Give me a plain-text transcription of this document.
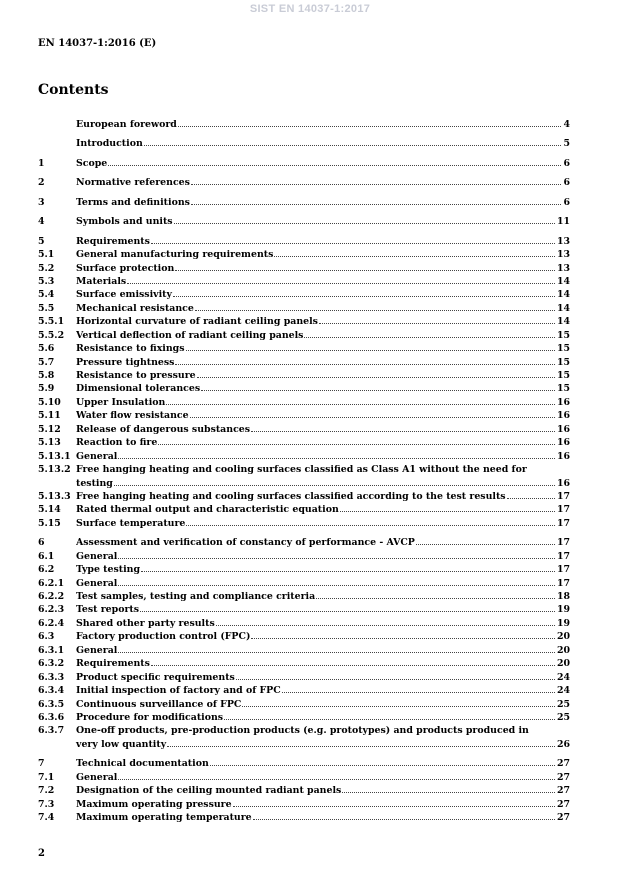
SIST EN 14037-1:2017
EN 14037-1:2016 (E)
Contents
European foreword	4
Introduction	5
1	Scope	6
2	Normative references	6
3	Terms and definitions	6
4	Symbols and units	11
5	Requirements	13
5.1	General manufacturing requirements	13
5.2	Surface protection	13
5.3	Materials	14
5.4	Surface emissivity	14
5.5	Mechanical resistance	14
5.5.1	Horizontal curvature of radiant ceiling panels	14
5.5.2	Vertical deflection of radiant ceiling panels	15
5.6	Resistance to fixings	15
5.7	Pressure tightness	15
5.8	Resistance to pressure	15
5.9	Dimensional tolerances	15
5.10	Upper Insulation	16
5.11	Water flow resistance	16
5.12	Release of dangerous substances	16
5.13	Reaction to fire	16
5.13.1 General	16
5.13.2 Free hanging heating and cooling surfaces classified as Class A1 without the need for
testing	16
5.13.3 Free hanging heating and cooling surfaces classified according to the test results	17
5.14	Rated thermal output and characteristic equation	17
5.15	Surface temperature	17
6	Assessment and verification of constancy of performance - AVCP	17
6.1	General	17
6.2	Type testing	17
6.2.1	General	17
6.2.2	Test samples, testing and compliance criteria	18
6.2.3	Test reports	19
6.2.4	Shared other party results	19
6.3	Factory production control (FPC)	20
6.3.1	General	20
6.3.2	Requirements	20
6.3.3	Product specific requirements	24
6.3.4	Initial inspection of factory and of FPC	24
6.3.5	Continuous surveillance of FPC	25
6.3.6	Procedure for modifications	25
6.3.7	One-off products, pre-production products (e.g. prototypes) and products produced in
very low quantity	26
7	Technical documentation	27
7.1	General	27
7.2	Designation of the ceiling mounted radiant panels	27
7.3	Maximum operating pressure	27
7.4	Maximum operating temperature	27
2
